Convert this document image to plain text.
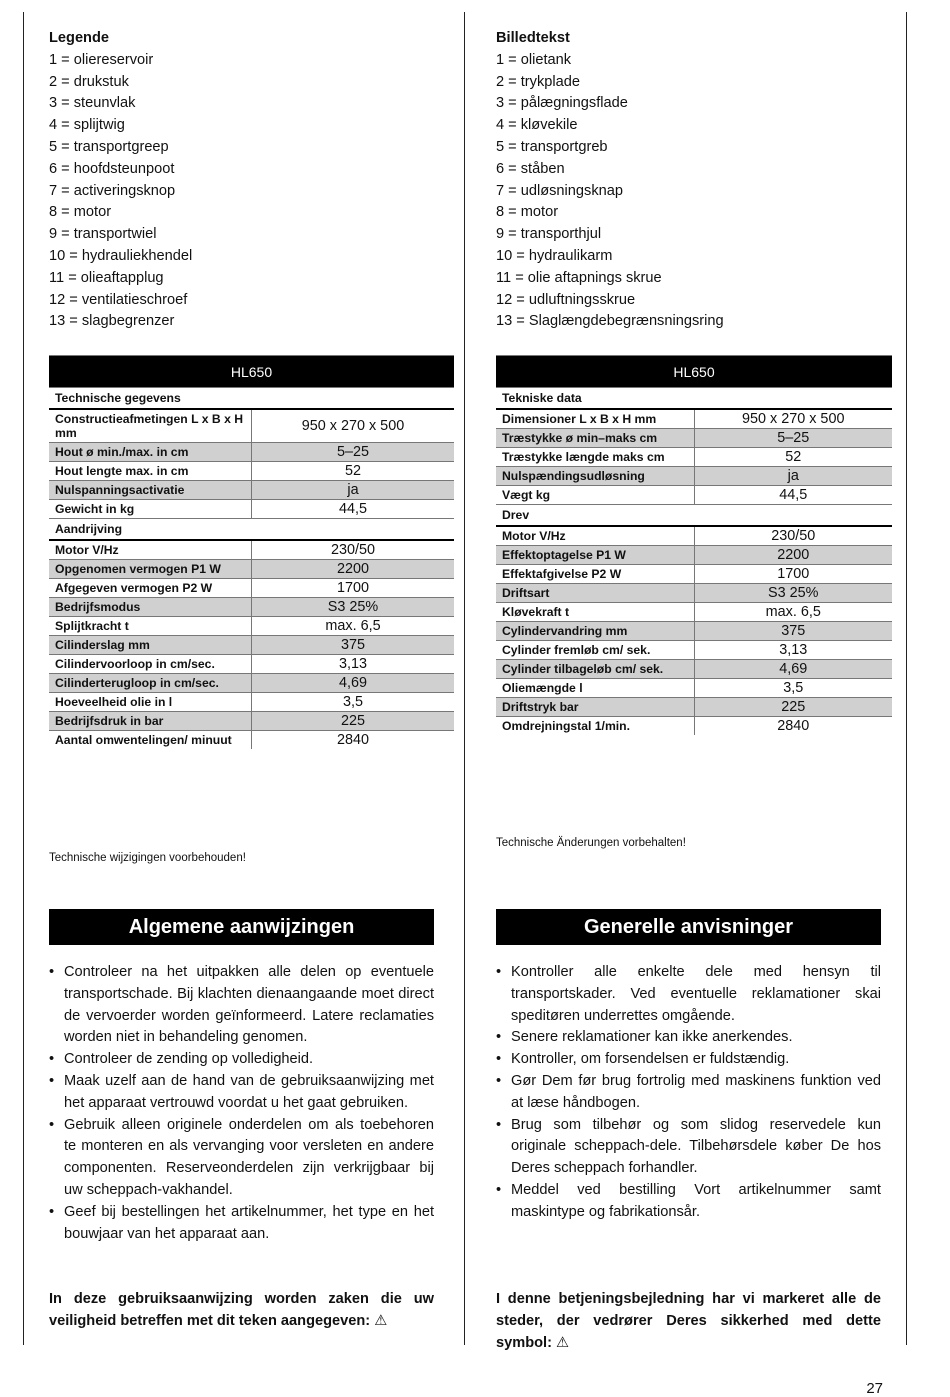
Legende
1 = oliereservoir
2 = drukstuk
3 = steunvlak
4 = splijtwig
5 = transportgreep
6 = hoofdsteunpoot
7 = activeringsknop
8 = motor
9 = transportwiel
10 = hydrauliekhendel
11 = olieaftapplug
12 = ventilatieschroef
13 = slagbegrenzer
HL650	
Technische gegevens	
Constructieafmetingen L x B x H mm	950 x 270 x 500
Hout ø min./max. in cm	5–25
Hout lengte max. in cm	52
Nulspanningsactivatie	ja
Gewicht in kg	44,5
Aandrijving	
Motor V/Hz	230/50
Opgenomen vermogen P1 W	2200
Afgegeven vermogen P2 W	1700
Bedrijfsmodus	S3 25%
Splijtkracht t	max. 6,5
Cilinderslag mm	375
Cilindervoorloop in cm/sec.	3,13
Cilinderterugloop in cm/sec.	4,69
Hoeveelheid olie in l	3,5
Bedrijfsdruk in bar	225
Aantal omwentelingen/ minuut	2840
Technische wijzigingen voorbehouden!
Algemene aanwijzingen
• Controleer na het uitpakken alle delen op eventuele transportschade. Bij klachten dienaangaande moet direct de vervoerder worden geïnformeerd. Latere reclamaties worden niet in behandeling genomen.
• Controleer de zending op volledigheid.
• Maak uzelf aan de hand van de gebruiksaanwijzing met het apparaat vertrouwd voordat u het gaat gebruiken.
• Gebruik alleen originele onderdelen om als toebehoren te monteren en als vervanging voor versleten en andere componenten. Reserveonderdelen zijn verkrijgbaar bij uw scheppach-vakhandel.
• Geef bij bestellingen het artikelnummer, het type en het bouwjaar van het apparaat aan.
In deze gebruiksaanwijzing worden zaken die uw veiligheid betreffen met dit teken aangegeven: ⚠
Billedtekst
1 = olietank
2 = trykplade
3 = pålægningsflade
4 = kløvekile
5 = transportgreb
6 = ståben
7 = udløsningsknap
8 = motor
9 = transporthjul
10 = hydraulikarm
11 = olie aftapnings skrue
12 = udluftningsskrue
13 = Slaglængdebegrænsningsring
HL650	
Tekniske data	
Dimensioner L x B x H mm	950 x 270 x 500
Træstykke ø min–maks cm	5–25
Træstykke længde maks cm	52
Nulspændingsudløsning	ja
Vægt kg	44,5
Drev	
Motor V/Hz	230/50
Effektoptagelse P1 W	2200
Effektafgivelse P2 W	1700
Driftsart	S3 25%
Kløvekraft t	max. 6,5
Cylindervandring mm	375
Cylinder fremløb cm/ sek.	3,13
Cylinder tilbageløb cm/ sek.	4,69
Oliemængde l	3,5
Driftstryk bar	225
Omdrejningstal 1/min.	2840
Technische Änderungen vorbehalten!
Generelle anvisninger
• Kontroller alle enkelte dele med hensyn til transportskader. Ved eventuelle reklamationer skai speditøren underrettes omgående.
• Senere reklamationer kan ikke anerkendes.
• Kontroller, om forsendelsen er fuldstændig.
• Gør Dem før brug fortrolig med maskinens funktion ved at læse håndbogen.
• Brug som tilbehør og som slidog reservedele kun originale scheppach-dele. Tilbehørsdele køber De hos Deres scheppach forhandler.
• Meddel ved bestilling Vort artikelnummer samt maskintype og fabrikationsår.
I denne betjeningsbejledning har vi markeret alle de steder, der vedrører Deres sikkerhed med dette symbol: ⚠
27
